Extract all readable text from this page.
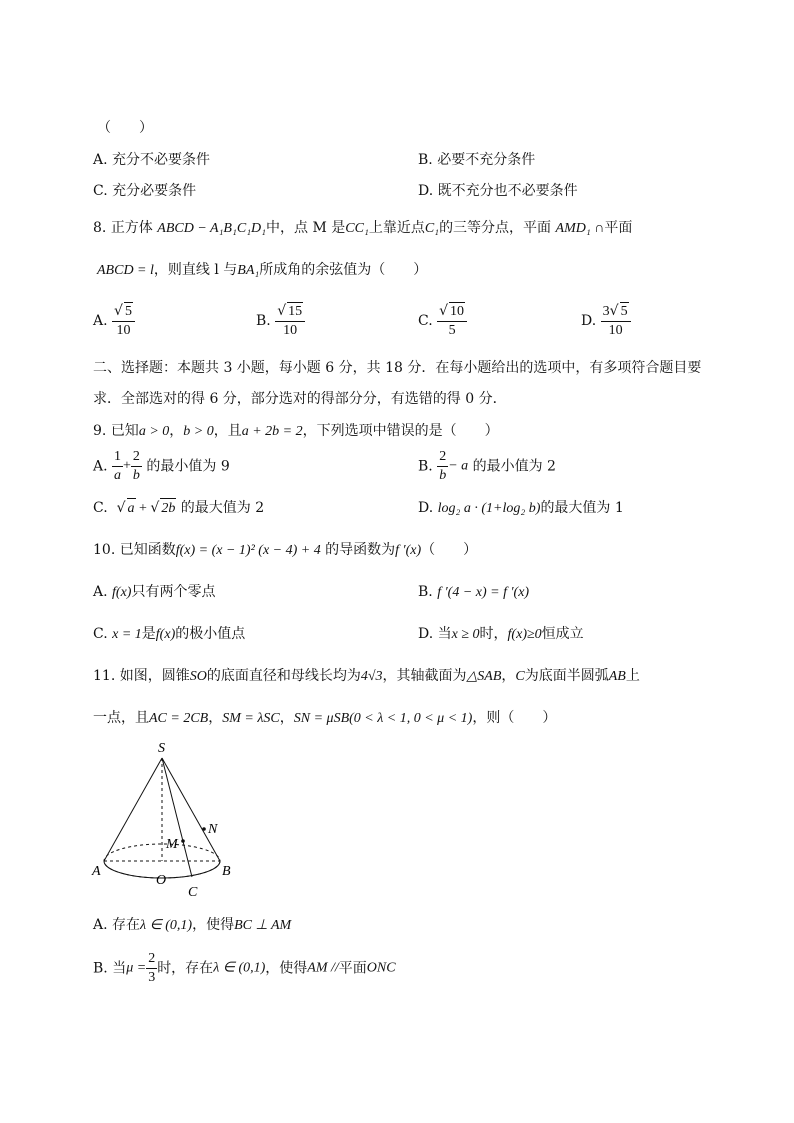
（　　）
A. 充分不必要条件	B. 必要不充分条件
C. 充分必要条件	D. 既不充分也不必要条件
8. 正方体 ABCD − A₁B₁C₁D₁中，点 M 是CC₁上靠近点C₁的三等分点，平面 AMD₁ ∩平面
ABCD = l，则直线 l 与BA₁所成角的余弦值为（　　）
A. $\frac{√ 5}{10}$	B. $\frac{√ 15}{10}$	C. $\frac{√ 10}{5}$	D. $\frac{3√ 5}{10}$
二、选择题：本题共 3 小题，每小题 6 分，共 18 分．在每小题给出的选项中，有多项符合题目要
求．全部选对的得 6 分，部分选对的得部分分，有选错的得 0 分．
9. 已知a > 0，b > 0，且a + 2b = 2，下列选项中错误的是（　　）
A. $\frac{1}{a} + \frac{2}{b}$ 的最小值为 9	B. $\frac{2}{b} - a$ 的最小值为 2
C. √ a + √ 2b 的最大值为 2	D. log₂ a · (1+log₂ b)的最大值为 1
10. 已知函数f(x) = (x − 1)² (x − 4) + 4 的导函数为f ′(x)（　　）
A. f(x)只有两个零点	B. f ′(4 − x) = f ′(x)
C. x = 1是f(x)的极小值点	D. 当x ≥ 0时，f(x)≥0恒成立
11. 如图，圆锥SO的底面直径和母线长均为4√3，其轴截面为△SAB，C为底面半圆弧AB上
一点，且AC = 2CB，SM = λSC，SN = μSB(0 < λ < 1, 0 < μ < 1)，则（　　）
S
A	B
O
C
M
N
A. 存在λ ∈ (0,1)，使得BC ⊥ AM
B. 当$\mu = \frac{2}{3}$ 时，存在λ ∈ (0,1)，使得AM //平面ONC
